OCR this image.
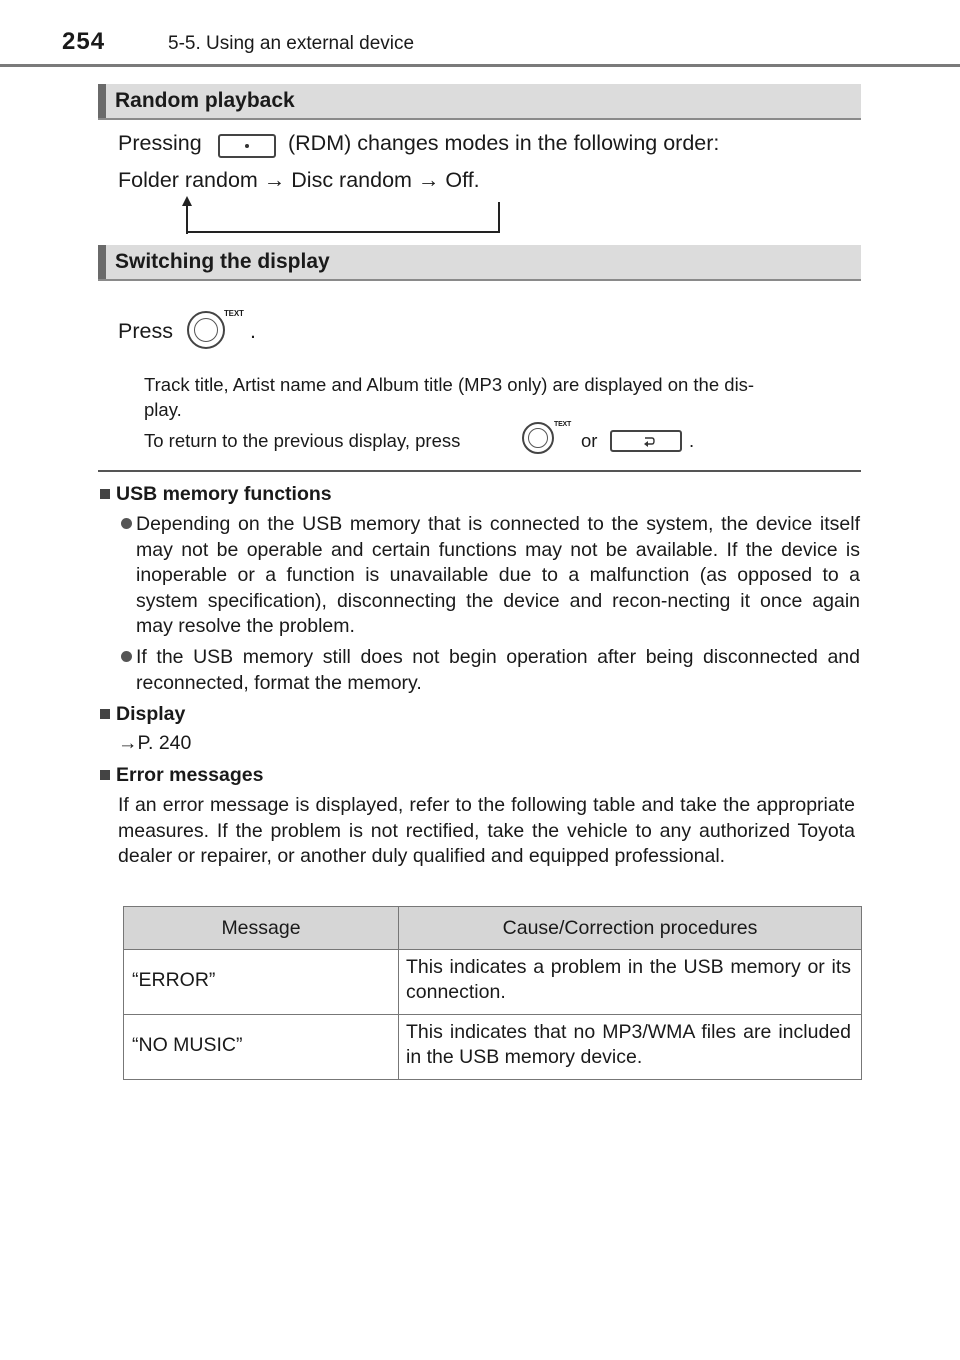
254	5-5. Using an external device
Random playback
Pressing	(RDM) changes modes in the following order:
Folder random → Disc random → Off.
Switching the display
Press
TEXT
.
Track title, Artist name and Album title (MP3 only) are displayed on the dis-
play.
To return to the previous display, press
TEXT
or	.
USB memory functions
Depending on the USB memory that is connected to the system, the device itself may not be operable and certain functions may not be available. If the device is inoperable or a function is unavailable due to a malfunction (as opposed to a system specification), disconnecting the device and recon-necting it once again may resolve the problem.
If the USB memory still does not begin operation after being disconnected and reconnected, format the memory.
Display
→P. 240
Error messages
If an error message is displayed, refer to the following table and take the appropriate measures. If the problem is not rectified, take the vehicle to any authorized Toyota dealer or repairer, or another duly qualified and equipped professional.
Message	Cause/Correction procedures
“ERROR”	This indicates a problem in the USB memory or its connection.
“NO MUSIC”	This indicates that no MP3/WMA files are included in the USB memory device.
